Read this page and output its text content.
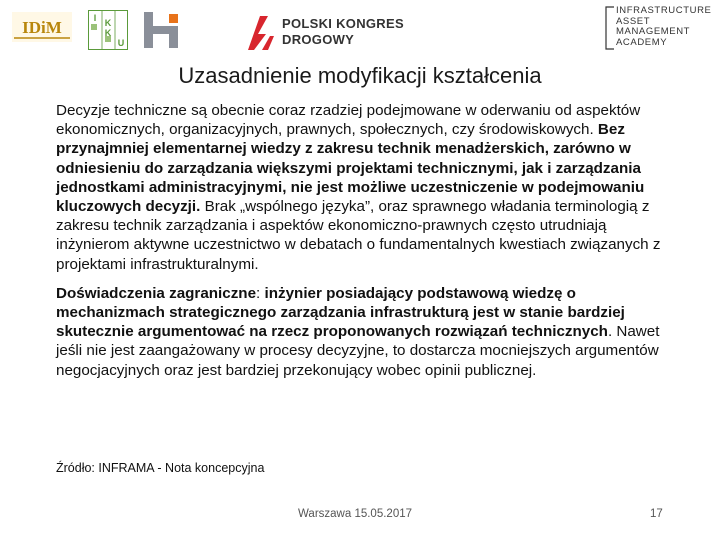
IDiM	I K
K
U
POLSKI KONGRES
DROGOWY
INFRASTRUCTURE
ASSET
MANAGEMENT
ACADEMY
Uzasadnienie modyfikacji kształcenia

Decyzje techniczne są obecnie coraz rzadziej podejmowane w oderwaniu od aspektów ekonomicznych, organizacyjnych, prawnych, społecznych, czy środowiskowych. Bez przynajmniej elementarnej wiedzy z zakresu technik menadżerskich, zarówno w odniesieniu do zarządzania większymi projektami technicznymi, jak i zarządzania jednostkami administracyjnymi, nie jest możliwe uczestniczenie w podejmowaniu kluczowych decyzji. Brak „wspólnego języka”, oraz sprawnego władania terminologią z zakresu technik zarządzania i aspektów ekonomiczno-prawnych często utrudniają inżynierom aktywne uczestnictwo w debatach o fundamentalnych kwestiach związanych z projektami infrastrukturalnymi.

Doświadczenia zagraniczne: inżynier posiadający podstawową wiedzę o mechanizmach strategicznego zarządzania infrastrukturą jest w stanie bardziej skutecznie argumentować na rzecz proponowanych rozwiązań technicznych. Nawet jeśli nie jest zaangażowany w procesy decyzyjne, to dostarcza mocniejszych argumentów negocjacyjnych oraz jest bardziej przekonujący wobec opinii publicznej.

Źródło: INFRAMA - Nota koncepcyjna
Warszawa 15.05.2017	17
